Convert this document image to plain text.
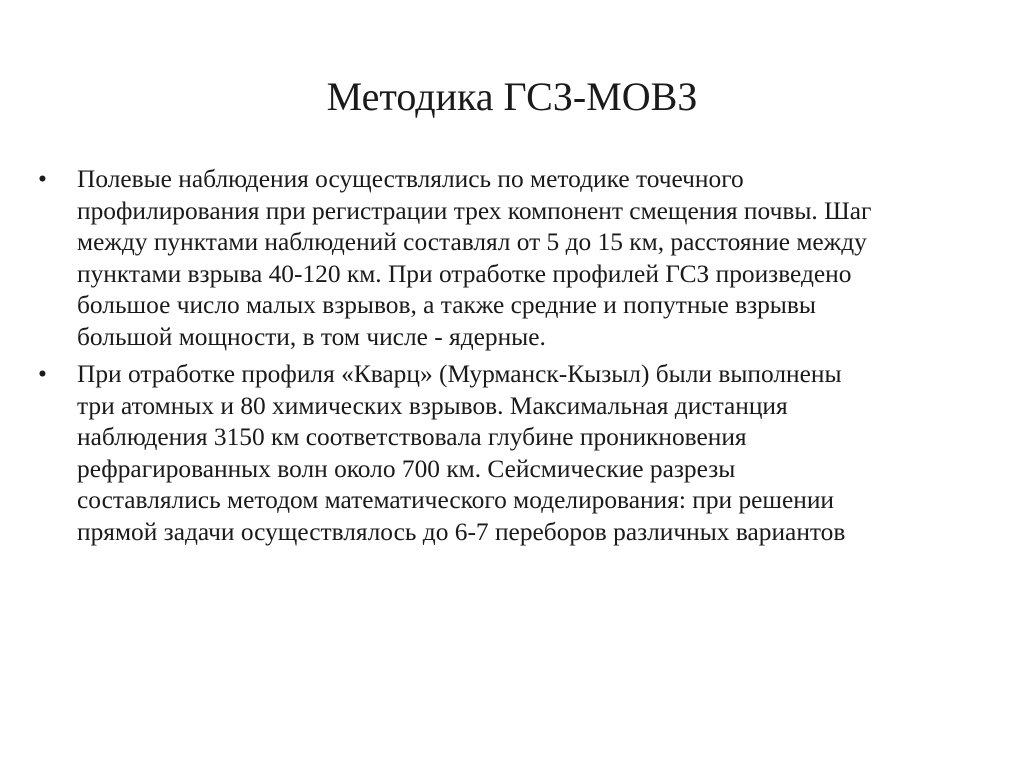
Методика ГСЗ-МОВЗ
• Полевые наблюдения осуществлялись по методике точечного
профилирования при регистрации трех компонент смещения почвы. Шаг
между пунктами наблюдений составлял от 5 до 15 км, расстояние между
пунктами взрыва 40-120 км. При отработке профилей ГСЗ произведено
большое число малых взрывов, а также средние и попутные взрывы
большой мощности, в том числе - ядерные.
• При отработке профиля «Кварц» (Мурманск-Кызыл) были выполнены
три атомных и 80 химических взрывов. Максимальная дистанция
наблюдения 3150 км соответствовала глубине проникновения
рефрагированных волн около 700 км. Сейсмические разрезы
составлялись методом математического моделирования: при решении
прямой задачи осуществлялось до 6-7 переборов различных вариантов
